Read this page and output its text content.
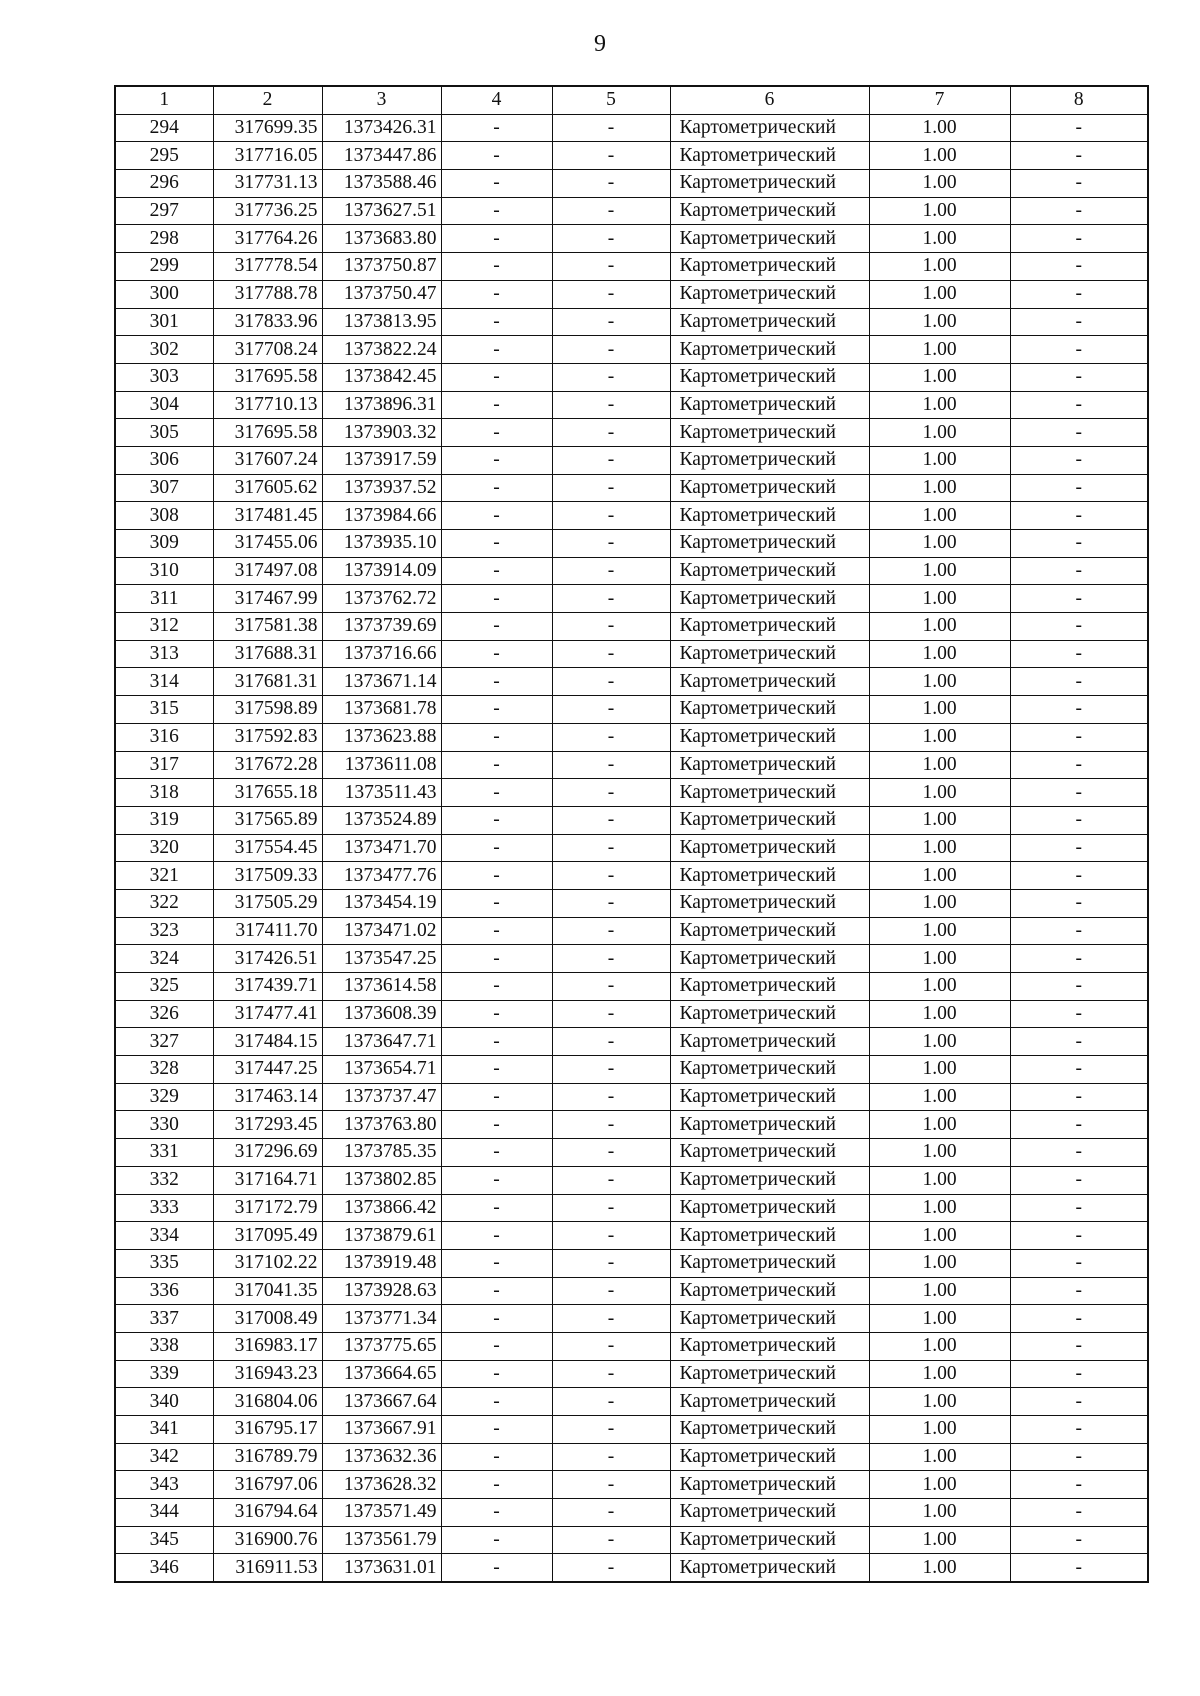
9
1	2	3	4	5	6	7	8
294	317699.35	1373426.31	-	-	Картометрический	1.00	-
295	317716.05	1373447.86	-	-	Картометрический	1.00	-
296	317731.13	1373588.46	-	-	Картометрический	1.00	-
297	317736.25	1373627.51	-	-	Картометрический	1.00	-
298	317764.26	1373683.80	-	-	Картометрический	1.00	-
299	317778.54	1373750.87	-	-	Картометрический	1.00	-
300	317788.78	1373750.47	-	-	Картометрический	1.00	-
301	317833.96	1373813.95	-	-	Картометрический	1.00	-
302	317708.24	1373822.24	-	-	Картометрический	1.00	-
303	317695.58	1373842.45	-	-	Картометрический	1.00	-
304	317710.13	1373896.31	-	-	Картометрический	1.00	-
305	317695.58	1373903.32	-	-	Картометрический	1.00	-
306	317607.24	1373917.59	-	-	Картометрический	1.00	-
307	317605.62	1373937.52	-	-	Картометрический	1.00	-
308	317481.45	1373984.66	-	-	Картометрический	1.00	-
309	317455.06	1373935.10	-	-	Картометрический	1.00	-
310	317497.08	1373914.09	-	-	Картометрический	1.00	-
311	317467.99	1373762.72	-	-	Картометрический	1.00	-
312	317581.38	1373739.69	-	-	Картометрический	1.00	-
313	317688.31	1373716.66	-	-	Картометрический	1.00	-
314	317681.31	1373671.14	-	-	Картометрический	1.00	-
315	317598.89	1373681.78	-	-	Картометрический	1.00	-
316	317592.83	1373623.88	-	-	Картометрический	1.00	-
317	317672.28	1373611.08	-	-	Картометрический	1.00	-
318	317655.18	1373511.43	-	-	Картометрический	1.00	-
319	317565.89	1373524.89	-	-	Картометрический	1.00	-
320	317554.45	1373471.70	-	-	Картометрический	1.00	-
321	317509.33	1373477.76	-	-	Картометрический	1.00	-
322	317505.29	1373454.19	-	-	Картометрический	1.00	-
323	317411.70	1373471.02	-	-	Картометрический	1.00	-
324	317426.51	1373547.25	-	-	Картометрический	1.00	-
325	317439.71	1373614.58	-	-	Картометрический	1.00	-
326	317477.41	1373608.39	-	-	Картометрический	1.00	-
327	317484.15	1373647.71	-	-	Картометрический	1.00	-
328	317447.25	1373654.71	-	-	Картометрический	1.00	-
329	317463.14	1373737.47	-	-	Картометрический	1.00	-
330	317293.45	1373763.80	-	-	Картометрический	1.00	-
331	317296.69	1373785.35	-	-	Картометрический	1.00	-
332	317164.71	1373802.85	-	-	Картометрический	1.00	-
333	317172.79	1373866.42	-	-	Картометрический	1.00	-
334	317095.49	1373879.61	-	-	Картометрический	1.00	-
335	317102.22	1373919.48	-	-	Картометрический	1.00	-
336	317041.35	1373928.63	-	-	Картометрический	1.00	-
337	317008.49	1373771.34	-	-	Картометрический	1.00	-
338	316983.17	1373775.65	-	-	Картометрический	1.00	-
339	316943.23	1373664.65	-	-	Картометрический	1.00	-
340	316804.06	1373667.64	-	-	Картометрический	1.00	-
341	316795.17	1373667.91	-	-	Картометрический	1.00	-
342	316789.79	1373632.36	-	-	Картометрический	1.00	-
343	316797.06	1373628.32	-	-	Картометрический	1.00	-
344	316794.64	1373571.49	-	-	Картометрический	1.00	-
345	316900.76	1373561.79	-	-	Картометрический	1.00	-
346	316911.53	1373631.01	-	-	Картометрический	1.00	-
